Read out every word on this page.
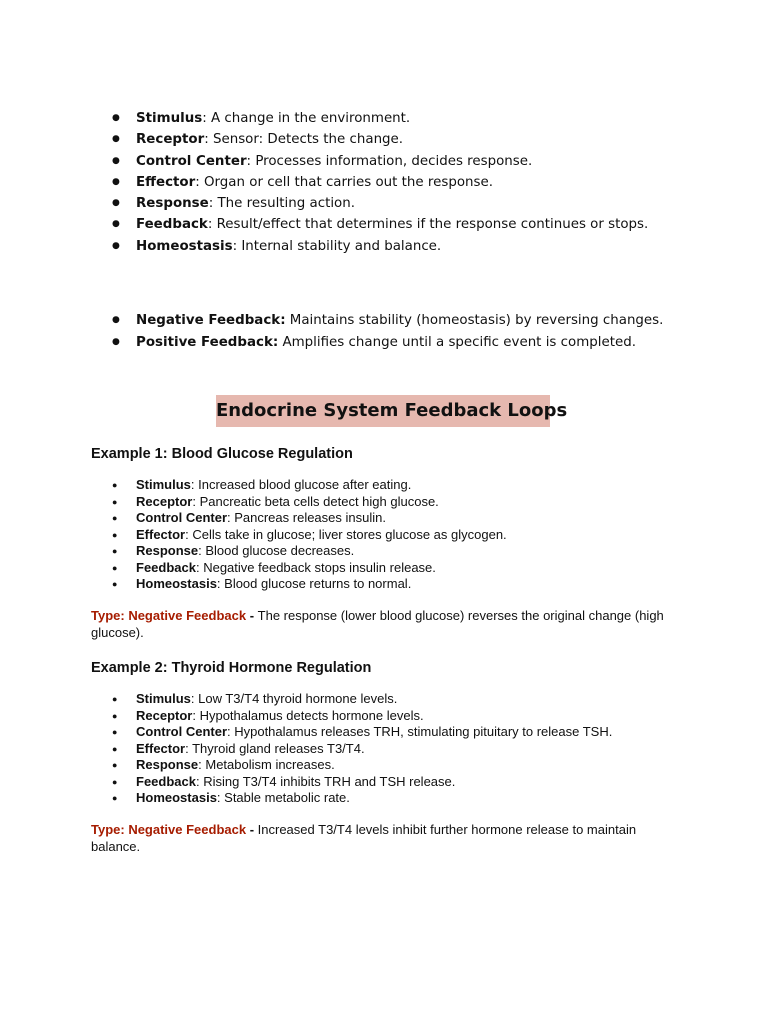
● Stimulus: A change in the environment.
● Receptor: Sensor: Detects the change.
● Control Center: Processes information, decides response.
● Effector: Organ or cell that carries out the response.
● Response: The resulting action.
● Feedback: Result/effect that determines if the response continues or stops.
● Homeostasis: Internal stability and balance.
● Negative Feedback: Maintains stability (homeostasis) by reversing changes.
● Positive Feedback: Amplifies change until a specific event is completed.
Endocrine System Feedback Loops
Example 1: Blood Glucose Regulation
● Stimulus: Increased blood glucose after eating.
● Receptor: Pancreatic beta cells detect high glucose.
● Control Center: Pancreas releases insulin.
● Effector: Cells take in glucose; liver stores glucose as glycogen.
● Response: Blood glucose decreases.
● Feedback: Negative feedback stops insulin release.
● Homeostasis: Blood glucose returns to normal.
Type: Negative Feedback - The response (lower blood glucose) reverses the original change (high glucose).
Example 2: Thyroid Hormone Regulation
● Stimulus: Low T3/T4 thyroid hormone levels.
● Receptor: Hypothalamus detects hormone levels.
● Control Center: Hypothalamus releases TRH, stimulating pituitary to release TSH.
● Effector: Thyroid gland releases T3/T4.
● Response: Metabolism increases.
● Feedback: Rising T3/T4 inhibits TRH and TSH release.
● Homeostasis: Stable metabolic rate.
Type: Negative Feedback - Increased T3/T4 levels inhibit further hormone release to maintain balance.
